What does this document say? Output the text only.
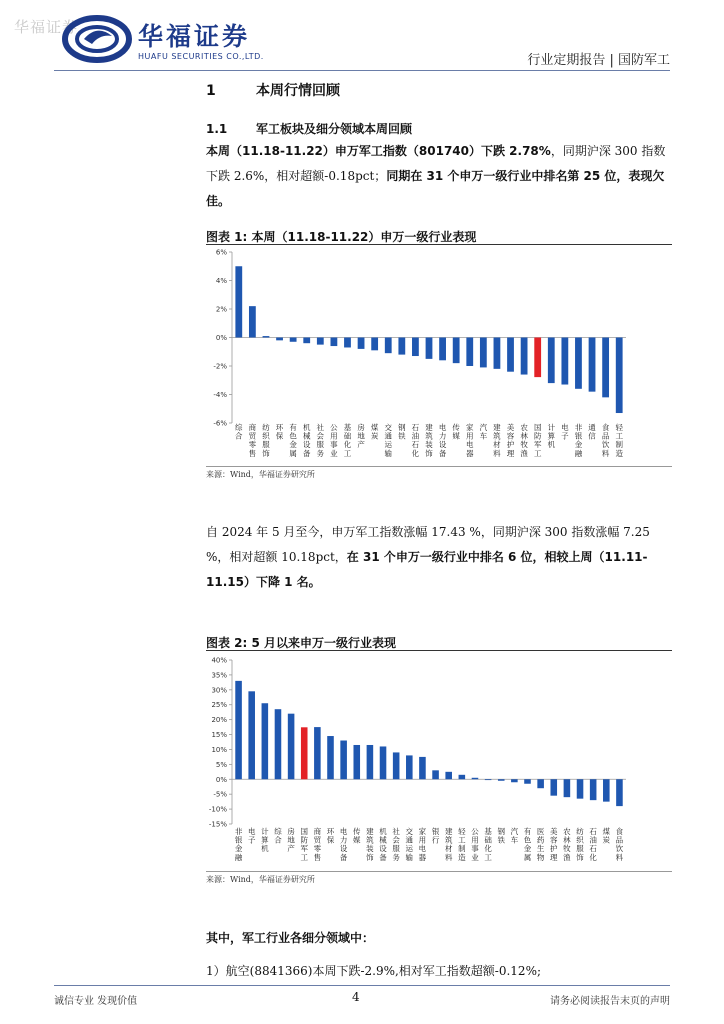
华福证券 华福证券
HUAFU SECURITIES CO.,LTD.	行业定期报告 | 国防军工
1	本周行情回顾
1.1 军工板块及细分领域本周回顾
本周（11.18-11.22）申万军工指数（801740）下跌 2.78%，同期沪深 300 指数下跌 2.6%，相对超额-0.18pct；同期在 31 个申万一级行业中排名第 25 位，表现欠佳。
图表 1: 本周（11.18-11.22）申万一级行业表现
6%
4%
2%
0%
-2%
-4%
-6% 综
合
商
贸
零
售
纺
织
服
饰
环
保
有
色
金
属
机
械
设
备
社
会
服
务
公
用
事
业
基
础
化
工
房
地
产
煤
炭
交
通
运
输
钢
铁
石
油
石
化
建
筑
装
饰
电
力
设
备
传
媒
家
用
电
器
汽
车
建
筑
材
料
美
容
护
理
农
林
牧
渔
国
防
军
工
计
算
机
电
子
非
银
金
融
通
信
食
品
饮
料
轻
工
制
造
来源：Wind，华福证券研究所
自 2024 年 5 月至今，申万军工指数涨幅 17.43 %，同期沪深 300 指数涨幅 7.25 %，相对超额 10.18pct，在 31 个申万一级行业中排名 6 位，相较上周（11.11-11.15）下降 1 名。
图表 2: 5 月以来申万一级行业表现
40%
35%
30%
25%
20%
15%
10%
5%
0%
-5%
-10%
-15%
非
银
金
融
电
子
计
算
机
综
合
房
地
产
国
防
军
工
商
贸
零
售
环
保
电
力
设
备
传
媒
建
筑
装
饰
机
械
设
备
社
会
服
务
交
通
运
输
家
用
电
器
银
行
建
筑
材
料
轻
工
制
造
公
用
事
业
基
础
化
工
钢
铁
汽
车
有
色
金
属
医
药
生
物
美
容
护
理
农
林
牧
渔
纺
织
服
饰
石
油
石
化
煤
炭
食
品
饮
料
来源：Wind，华福证券研究所
其中，军工行业各细分领域中：
1）航空(8841366)本周下跌-2.9%,相对军工指数超额-0.12%;
诚信专业 发现价值	4	请务必阅读报告末页的声明
